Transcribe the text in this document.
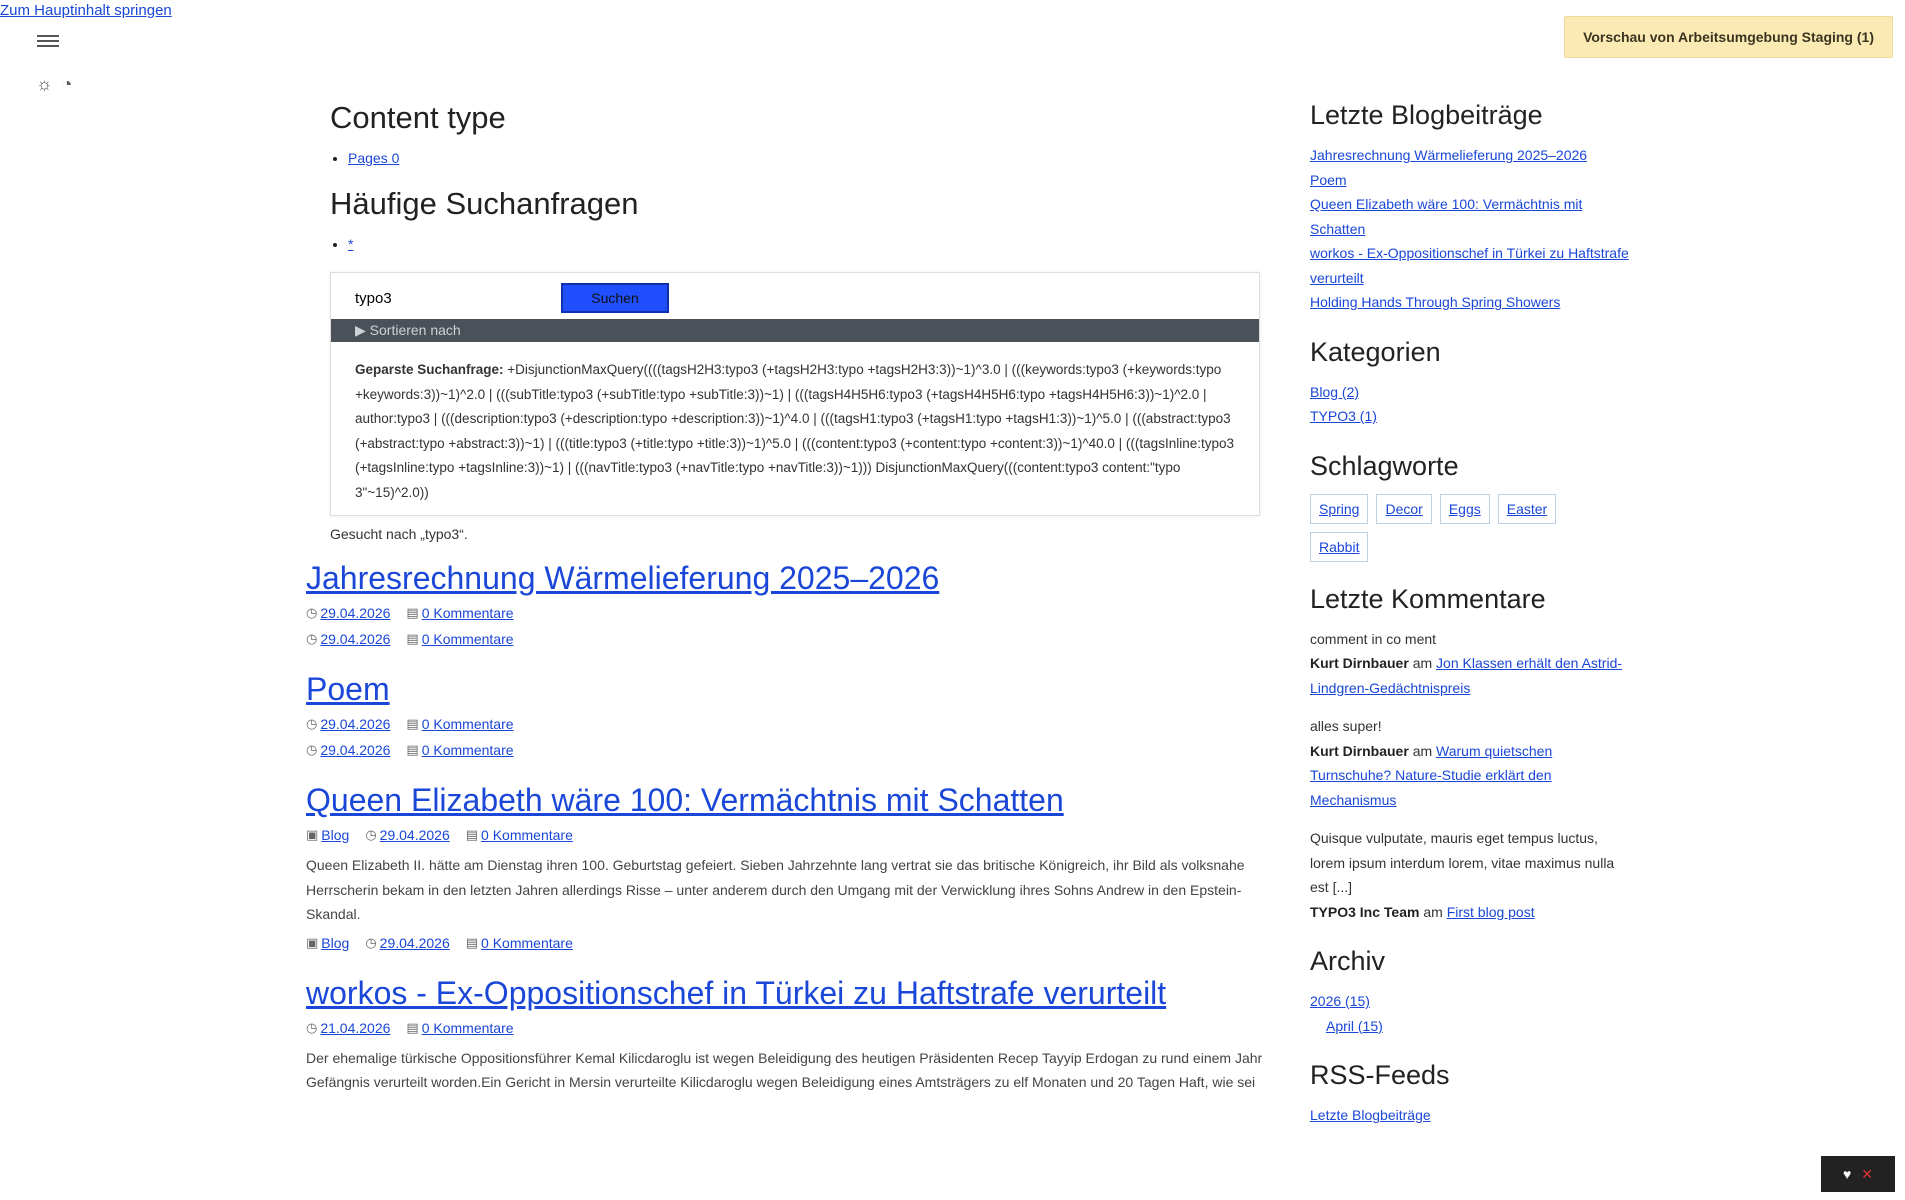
Zum Hauptinhalt springen
☼ ◔
Vorschau von Arbeitsumgebung Staging (1)
Content type
• Pages 0
Häufige Suchanfragen
• *
typo3
Suchen
▶ Sortieren nach
Geparste Suchanfrage: +DisjunctionMaxQuery((((tagsH2H3:typo3 (+tagsH2H3:typo +tagsH2H3:3))~1)^3.0 | (((keywords:typo3 (+keywords:typo +keywords:3))~1)^2.0 | (((subTitle:typo3 (+subTitle:typo +subTitle:3))~1) | (((tagsH4H5H6:typo3 (+tagsH4H5H6:typo +tagsH4H5H6:3))~1)^2.0 | author:typo3 | (((description:typo3 (+description:typo +description:3))~1)^4.0 | (((tagsH1:typo3 (+tagsH1:typo +tagsH1:3))~1)^5.0 | (((abstract:typo3 (+abstract:typo +abstract:3))~1) | (((title:typo3 (+title:typo +title:3))~1)^5.0 | (((content:typo3 (+content:typo +content:3))~1)^40.0 | (((tagsInline:typo3 (+tagsInline:typo +tagsInline:3))~1) | (((navTitle:typo3 (+navTitle:typo +navTitle:3))~1))) DisjunctionMaxQuery(((content:typo3 content:"typo 3"~15)^2.0))
Gesucht nach „typo3“.
Jahresrechnung Wärmelieferung 2025–2026
◷ 29.04.2026 ▤ 0 Kommentare
◷ 29.04.2026 ▤ 0 Kommentare
Poem
◷ 29.04.2026 ▤ 0 Kommentare
◷ 29.04.2026 ▤ 0 Kommentare
Queen Elizabeth wäre 100: Vermächtnis mit Schatten
▣ Blog ◷ 29.04.2026 ▤ 0 Kommentare
Queen Elizabeth II. hätte am Dienstag ihren 100. Geburtstag gefeiert. Sieben Jahrzehnte lang vertrat sie das britische Königreich, ihr Bild als volksnahe Herrscherin bekam in den letzten Jahren allerdings Risse – unter anderem durch den Umgang mit der Verwicklung ihres Sohns Andrew in den Epstein-Skandal.
▣ Blog ◷ 29.04.2026 ▤ 0 Kommentare
workos - Ex-Oppositionschef in Türkei zu Haftstrafe verurteilt
◷ 21.04.2026 ▤ 0 Kommentare
Der ehemalige türkische Oppositionsführer Kemal Kilicdaroglu ist wegen Beleidigung des heutigen Präsidenten Recep Tayyip Erdogan zu rund einem Jahr Gefängnis verurteilt worden.Ein Gericht in Mersin verurteilte Kilicdaroglu wegen Beleidigung eines Amtsträgers zu elf Monaten und 20 Tagen Haft, wie sei
Letzte Blogbeiträge
Jahresrechnung Wärmelieferung 2025–2026
Poem
Queen Elizabeth wäre 100: Vermächtnis mit Schatten
workos - Ex-Oppositionschef in Türkei zu Haftstrafe verurteilt
Holding Hands Through Spring Showers
Kategorien
Blog (2)
TYPO3 (1)
Schlagworte
Spring	Decor	Eggs	Easter
Rabbit
Letzte Kommentare
comment in co ment
Kurt Dirnbauer am Jon Klassen erhält den Astrid-Lindgren-Gedächtnispreis
alles super!
Kurt Dirnbauer am Warum quietschen Turnschuhe? Nature-Studie erklärt den Mechanismus
Quisque vulputate, mauris eget tempus luctus, lorem ipsum interdum lorem, vitae maximus nulla est [...]
TYPO3 Inc Team am First blog post
Archiv
2026 (15)
April (15)
RSS-Feeds
Letzte Blogbeiträge
♥ ✕
